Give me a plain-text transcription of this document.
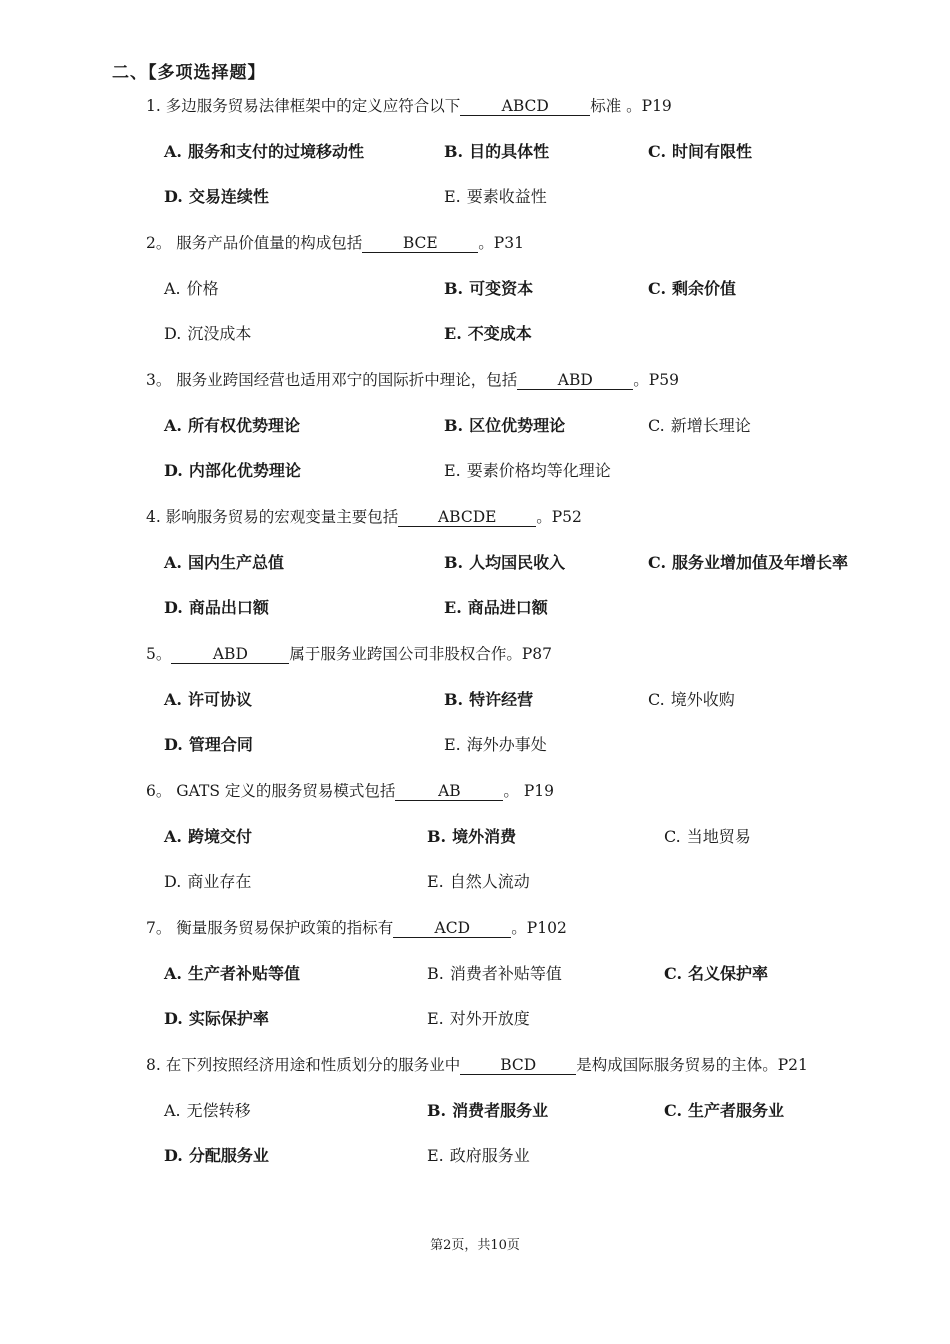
二、【多项选择题】
1. 多边服务贸易法律框架中的定义应符合以下	ABCD	标准 。P19
A. 服务和支付的过境移动性	B. 目的具体性	C. 时间有限性
D. 交易连续性	E. 要素收益性
2。 服务产品价值量的构成包括	BCE	。P31
A. 价格	B. 可变资本	C. 剩余价值
D. 沉没成本	E. 不变成本
3。 服务业跨国经营也适用邓宁的国际折中理论，包括	ABD	。P59
A. 所有权优势理论	B. 区位优势理论	C. 新增长理论
D. 内部化优势理论	E. 要素价格均等化理论
4. 影响服务贸易的宏观变量主要包括	ABCDE	。P52
A. 国内生产总值	B. 人均国民收入	C. 服务业增加值及年增长率
D. 商品出口额	E. 商品进口额
5。	ABD	属于服务业跨国公司非股权合作。P87
A. 许可协议	B. 特许经营	C. 境外收购
D. 管理合同	E. 海外办事处
6。 GATS 定义的服务贸易模式包括	AB	。 P19
A. 跨境交付	B. 境外消费	C. 当地贸易
D. 商业存在	E. 自然人流动
7。 衡量服务贸易保护政策的指标有	ACD	。P102
A. 生产者补贴等值	B. 消费者补贴等值	C. 名义保护率
D. 实际保护率	E. 对外开放度
8. 在下列按照经济用途和性质划分的服务业中	BCD	是构成国际服务贸易的主体。P21
A. 无偿转移	B. 消费者服务业	C. 生产者服务业
D. 分配服务业	E. 政府服务业
第2页，共10页
